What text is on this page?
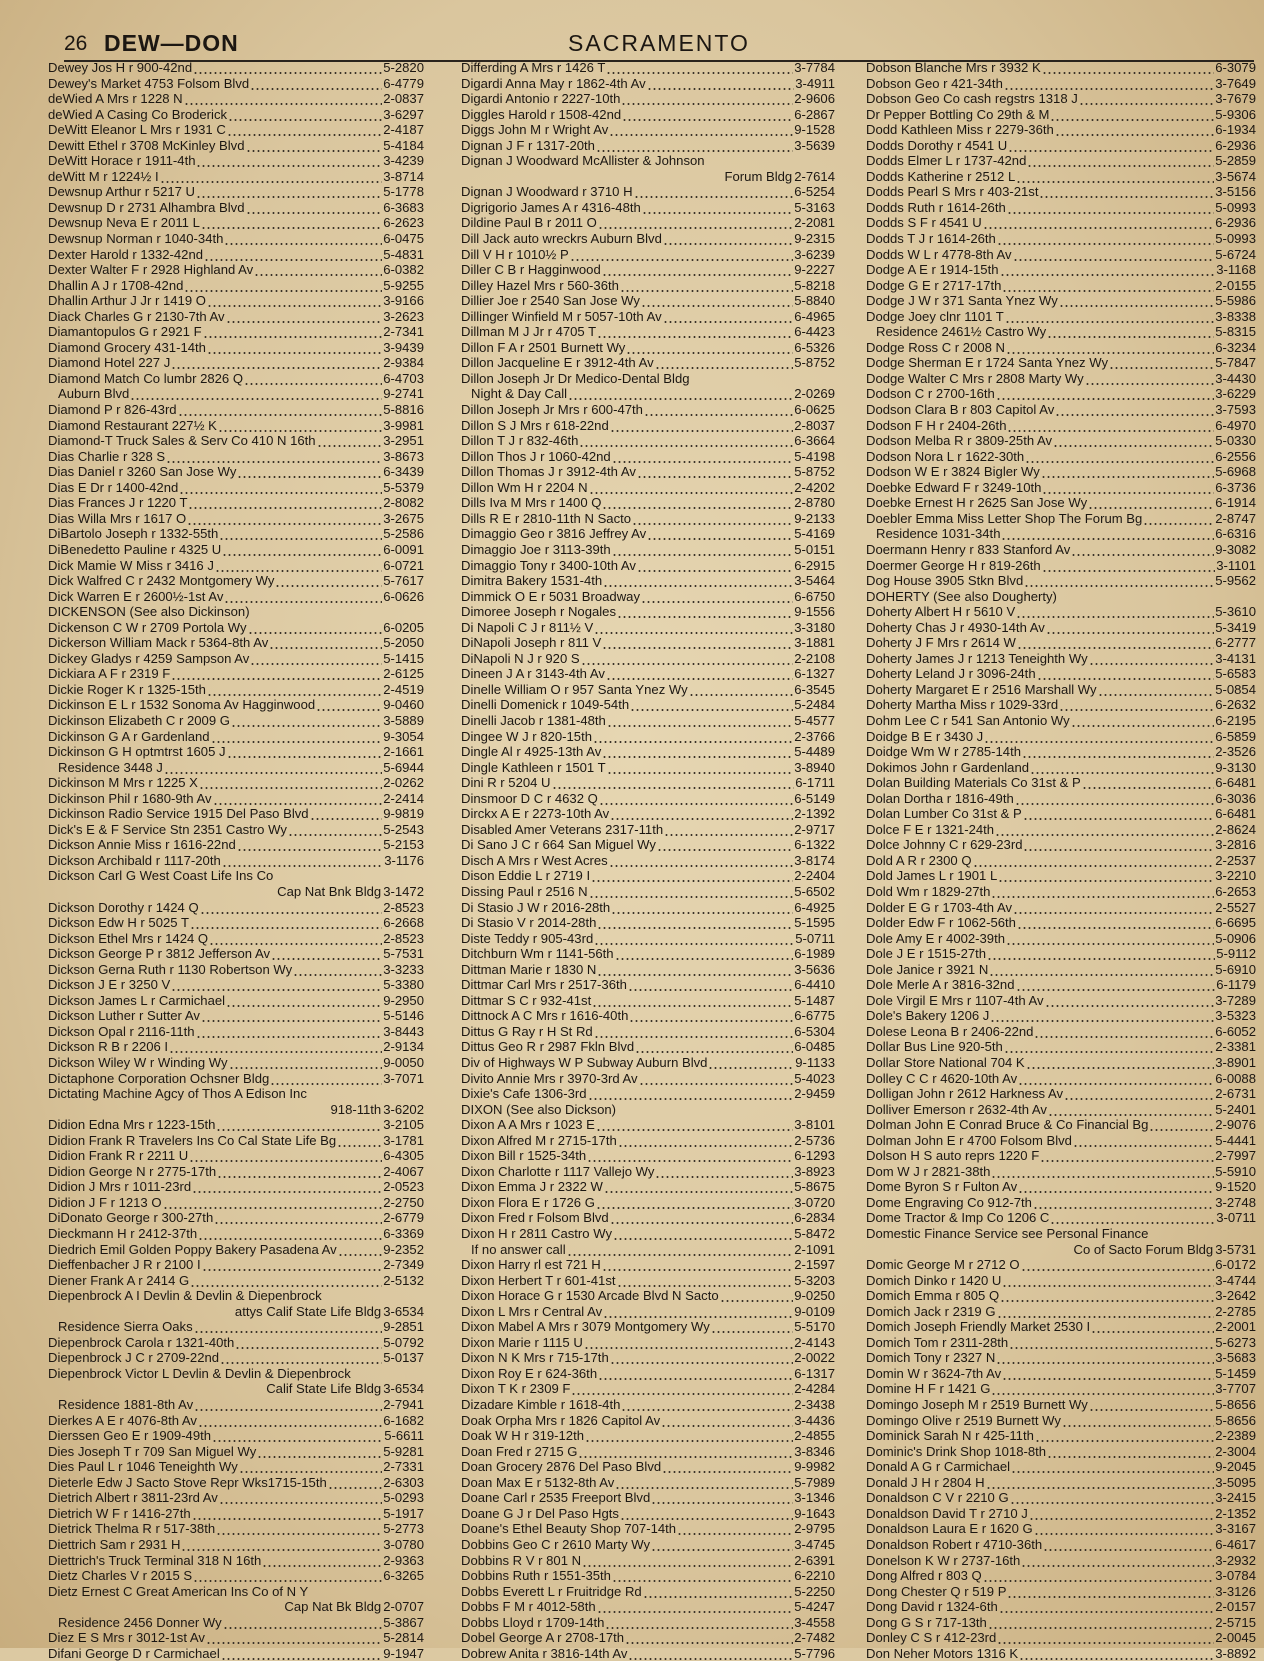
26 DEW—DON	SACRAMENTO
Dewey Jos H r 900-42nd	5-2820
Dewey's Market 4753 Folsom Blvd	6-4779
deWied A Mrs r 1228 N	2-0837
deWied A Casing Co Broderick	3-6297
DeWitt Eleanor L Mrs r 1931 C	2-4187
Dewitt Ethel r 3708 McKinley Blvd	5-4184
DeWitt Horace r 1911-4th	3-4239
deWitt M r 1224½ I	3-8714
Dewsnup Arthur r 5217 U	5-1778
Dewsnup D r 2731 Alhambra Blvd	6-3683
Dewsnup Neva E r 2011 L	6-2623
Dewsnup Norman r 1040-34th	6-0475
Dexter Harold r 1332-42nd	5-4831
Dexter Walter F r 2928 Highland Av	6-0382
Dhallin A J r 1708-42nd	5-9255
Dhallin Arthur J Jr r 1419 O	3-9166
Diack Charles G r 2130-7th Av	3-2623
Diamantopulos G r 2921 F	2-7341
Diamond Grocery 431-14th	3-9439
Diamond Hotel 227 J	2-9384
Diamond Match Co lumbr 2826 Q	6-4703
Auburn Blvd	9-2741
Diamond P r 826-43rd	5-8816
Diamond Restaurant 227½ K	3-9981
Diamond-T Truck Sales & Serv Co 410 N 16th	3-2951
Dias Charlie r 328 S	3-8673
Dias Daniel r 3260 San Jose Wy	6-3439
Dias E Dr r 1400-42nd	5-5379
Dias Frances J r 1220 T	2-8082
Dias Willa Mrs r 1617 O	3-2675
DiBartolo Joseph r 1332-55th	5-2586
DiBenedetto Pauline r 4325 U	6-0091
Dick Mamie W Miss r 3416 J	6-0721
Dick Walfred C r 2432 Montgomery Wy	5-7617
Dick Warren E r 2600½-1st Av	6-0626
DICKENSON (See also Dickinson)
Dickenson C W r 2709 Portola Wy	6-0205
Dickerson William Mack r 5364-8th Av	5-2050
Dickey Gladys r 4259 Sampson Av	5-1415
Dickiara A F r 2319 F	2-6125
Dickie Roger K r 1325-15th	2-4519
Dickinson E L r 1532 Sonoma Av Hagginwood	9-0460
Dickinson Elizabeth C r 2009 G	3-5889
Dickinson G A r Gardenland	9-3054
Dickinson G H optmtrst 1605 J	2-1661
Residence 3448 J	5-6944
Dickinson M Mrs r 1225 X	2-0262
Dickinson Phil r 1680-9th Av	2-2414
Dickinson Radio Service 1915 Del Paso Blvd	9-9819
Dick's E & F Service Stn 2351 Castro Wy	5-2543
Dickson Annie Miss r 1616-22nd	5-2153
Dickson Archibald r 1117-20th	3-1176
Dickson Carl G West Coast Life Ins Co
Cap Nat Bnk Bldg 3-1472
Dickson Dorothy r 1424 Q	2-8523
Dickson Edw H r 5025 T	6-2668
Dickson Ethel Mrs r 1424 Q	2-8523
Dickson George P r 3812 Jefferson Av	5-7531
Dickson Gerna Ruth r 1130 Robertson Wy	3-3233
Dickson J E r 3250 V	5-3380
Dickson James L r Carmichael	9-2950
Dickson Luther r Sutter Av	5-5146
Dickson Opal r 2116-11th	3-8443
Dickson R B r 2206 I	2-9134
Dickson Wiley W r Winding Wy	9-0050
Dictaphone Corporation Ochsner Bldg	3-7071
Dictating Machine Agcy of Thos A Edison Inc
918-11th 3-6202
Didion Edna Mrs r 1223-15th	3-2105
Didion Frank R Travelers Ins Co Cal State Life Bg	3-1781
Didion Frank R r 2211 U	6-4305
Didion George N r 2775-17th	2-4067
Didion J Mrs r 1011-23rd	2-0523
Didion J F r 1213 O	2-2750
DiDonato George r 300-27th	2-6779
Dieckmann H r 2412-37th	6-3369
Diedrich Emil Golden Poppy Bakery Pasadena Av	9-2352
Dieffenbacher J R r 2100 I	2-7349
Diener Frank A r 2414 G	2-5132
Diepenbrock A I Devlin & Devlin & Diepenbrock
attys Calif State Life Bldg 3-6534
Residence Sierra Oaks	9-2851
Diepenbrock Carola r 1321-40th	5-0792
Diepenbrock J C r 2709-22nd	5-0137
Diepenbrock Victor L Devlin & Devlin & Diepenbrock
Calif State Life Bldg 3-6534
Residence 1881-8th Av	2-7941
Dierkes A E r 4076-8th Av	6-1682
Dierssen Geo E r 1909-49th	5-6611
Dies Joseph T r 709 San Miguel Wy	5-9281
Dies Paul L r 1046 Teneighth Wy	2-7331
Dieterle Edw J Sacto Stove Repr Wks1715-15th	2-6303
Dietrich Albert r 3811-23rd Av	5-0293
Dietrich W F r 1416-27th	5-1917
Dietrick Thelma R r 517-38th	5-2773
Diettrich Sam r 2931 H	3-0780
Diettrich's Truck Terminal 318 N 16th	2-9363
Dietz Charles V r 2015 S	6-3265
Dietz Ernest C Great American Ins Co of N Y
Cap Nat Bk Bldg 2-0707
Residence 2456 Donner Wy	5-3867
Diez E S Mrs r 3012-1st Av	5-2814
Difani George D r Carmichael	9-1947
Differding A Mrs r 1426 T	3-7784
Digardi Anna May r 1862-4th Av	3-4911
Digardi Antonio r 2227-10th	2-9606
Diggles Harold r 1508-42nd	6-2867
Diggs John M r Wright Av	9-1528
Dignan J F r 1317-20th	3-5639
Dignan J Woodward McAllister & Johnson
Forum Bldg 2-7614
Dignan J Woodward r 3710 H	6-5254
Digrigorio James A r 4316-48th	5-3163
Dildine Paul B r 2011 O	2-2081
Dill Jack auto wreckrs Auburn Blvd	9-2315
Dill V H r 1010½ P	3-6239
Diller C B r Hagginwood	9-2227
Dilley Hazel Mrs r 560-36th	5-8218
Dillier Joe r 2540 San Jose Wy	5-8840
Dillinger Winfield M r 5057-10th Av	6-4965
Dillman M J Jr r 4705 T	6-4423
Dillon F A r 2501 Burnett Wy	6-5326
Dillon Jacqueline E r 3912-4th Av	5-8752
Dillon Joseph Jr Dr Medico-Dental Bldg
Night & Day Call	2-0269
Dillon Joseph Jr Mrs r 600-47th	6-0625
Dillon S J Mrs r 618-22nd	2-8037
Dillon T J r 832-46th	6-3664
Dillon Thos J r 1060-42nd	5-4198
Dillon Thomas J r 3912-4th Av	5-8752
Dillon Wm H r 2204 N	2-4202
Dills Iva M Mrs r 1400 Q	2-8780
Dills R E r 2810-11th N Sacto	9-2133
Dimaggio Geo r 3816 Jeffrey Av	5-4169
Dimaggio Joe r 3113-39th	5-0151
Dimaggio Tony r 3400-10th Av	6-2915
Dimitra Bakery 1531-4th	3-5464
Dimmick O E r 5031 Broadway	6-6750
Dimoree Joseph r Nogales	9-1556
Di Napoli C J r 811½ V	3-3180
DiNapoli Joseph r 811 V	3-1881
DiNapoli N J r 920 S	2-2108
Dineen J A r 3143-4th Av	6-1327
Dinelle William O r 957 Santa Ynez Wy	6-3545
Dinelli Domenick r 1049-54th	5-2484
Dinelli Jacob r 1381-48th	5-4577
Dingee W J r 820-15th	2-3766
Dingle Al r 4925-13th Av	5-4489
Dingle Kathleen r 1501 T	3-8940
Dini R r 5204 U	6-1711
Dinsmoor D C r 4632 Q	6-5149
Dirckx A E r 2273-10th Av	2-1392
Disabled Amer Veterans 2317-11th	2-9717
Di Sano J C r 664 San Miguel Wy	6-1322
Disch A Mrs r West Acres	3-8174
Dison Eddie L r 2719 I	2-2404
Dissing Paul r 2516 N	5-6502
Di Stasio J W r 2016-28th	6-4925
Di Stasio V r 2014-28th	5-1595
Diste Teddy r 905-43rd	5-0711
Ditchburn Wm r 1141-56th	6-1989
Dittman Marie r 1830 N	3-5636
Dittmar Carl Mrs r 2517-36th	6-4410
Dittmar S C r 932-41st	5-1487
Dittnock A C Mrs r 1616-40th	6-6775
Dittus G Ray r H St Rd	6-5304
Dittus Geo R r 2987 Fkln Blvd	6-0485
Div of Highways W P Subway Auburn Blvd	9-1133
Divito Annie Mrs r 3970-3rd Av	5-4023
Dixie's Cafe 1306-3rd	2-9459
DIXON (See also Dickson)
Dixon A A Mrs r 1023 E	3-8101
Dixon Alfred M r 2715-17th	2-5736
Dixon Bill r 1525-34th	6-1293
Dixon Charlotte r 1117 Vallejo Wy	3-8923
Dixon Emma J r 2322 W	5-8675
Dixon Flora E r 1726 G	3-0720
Dixon Fred r Folsom Blvd	6-2834
Dixon H r 2811 Castro Wy	5-8472
If no answer call	2-1091
Dixon Harry rl est 721 H	2-1597
Dixon Herbert T r 601-41st	5-3203
Dixon Horace G r 1530 Arcade Blvd N Sacto	9-0250
Dixon L Mrs r Central Av	9-0109
Dixon Mabel A Mrs r 3079 Montgomery Wy	5-5170
Dixon Marie r 1115 U	2-4143
Dixon N K Mrs r 715-17th	2-0022
Dixon Roy E r 624-36th	6-1317
Dixon T K r 2309 F	2-4284
Dizadare Kimble r 1618-4th	2-3438
Doak Orpha Mrs r 1826 Capitol Av	3-4436
Doak W H r 319-12th	2-4855
Doan Fred r 2715 G	3-8346
Doan Grocery 2876 Del Paso Blvd	9-9982
Doan Max E r 5132-8th Av	5-7989
Doane Carl r 2535 Freeport Blvd	3-1346
Doane G J r Del Paso Hgts	9-1643
Doane's Ethel Beauty Shop 707-14th	2-9795
Dobbins Geo C r 2610 Marty Wy	3-4745
Dobbins R V r 801 N	2-6391
Dobbins Ruth r 1551-35th	6-2210
Dobbs Everett L r Fruitridge Rd	5-2250
Dobbs F M r 4012-58th	5-4247
Dobbs Lloyd r 1709-14th	3-4558
Dobel George A r 2708-17th	2-7482
Dobrew Anita r 3816-14th Av	5-7796
Dobson Blanche Mrs r 3932 K	6-3079
Dobson Geo r 421-34th	3-7649
Dobson Geo Co cash regstrs 1318 J	3-7679
Dr Pepper Bottling Co 29th & M	5-9306
Dodd Kathleen Miss r 2279-36th	6-1934
Dodds Dorothy r 4541 U	6-2936
Dodds Elmer L r 1737-42nd	5-2859
Dodds Katherine r 2512 L	3-5674
Dodds Pearl S Mrs r 403-21st	3-5156
Dodds Ruth r 1614-26th	5-0993
Dodds S F r 4541 U	6-2936
Dodds T J r 1614-26th	5-0993
Dodds W L r 4778-8th Av	5-6724
Dodge A E r 1914-15th	3-1168
Dodge G E r 2717-17th	2-0155
Dodge J W r 371 Santa Ynez Wy	5-5986
Dodge Joey clnr 1101 T	3-8338
Residence 2461½ Castro Wy	5-8315
Dodge Ross C r 2008 N	6-3234
Dodge Sherman E r 1724 Santa Ynez Wy	5-7847
Dodge Walter C Mrs r 2808 Marty Wy	3-4430
Dodson C r 2700-16th	3-6229
Dodson Clara B r 803 Capitol Av	3-7593
Dodson F H r 2404-26th	6-4970
Dodson Melba R r 3809-25th Av	5-0330
Dodson Nora L r 1622-30th	6-2556
Dodson W E r 3824 Bigler Wy	5-6968
Doebke Edward F r 3249-10th	6-3736
Doebke Ernest H r 2625 San Jose Wy	6-1914
Doebler Emma Miss Letter Shop The Forum Bg	2-8747
Residence 1031-34th	6-6316
Doermann Henry r 833 Stanford Av	9-3082
Doermer George H r 819-26th	3-1101
Dog House 3905 Stkn Blvd	5-9562
DOHERTY (See also Dougherty)
Doherty Albert H r 5610 V	5-3610
Doherty Chas J r 4930-14th Av	5-3419
Doherty J F Mrs r 2614 W	6-2777
Doherty James J r 1213 Teneighth Wy	3-4131
Doherty Leland J r 3096-24th	5-6583
Doherty Margaret E r 2516 Marshall Wy	5-0854
Doherty Martha Miss r 1029-33rd	6-2632
Dohm Lee C r 541 San Antonio Wy	6-2195
Doidge B E r 3430 J	6-5859
Doidge Wm W r 2785-14th	2-3526
Dokimos John r Gardenland	9-3130
Dolan Building Materials Co 31st & P	6-6481
Dolan Dortha r 1816-49th	6-3036
Dolan Lumber Co 31st & P	6-6481
Dolce F E r 1321-24th	2-8624
Dolce Johnny C r 629-23rd	3-2816
Dold A R r 2300 Q	2-2537
Dold James L r 1901 L	3-2210
Dold Wm r 1829-27th	6-2653
Dolder E G r 1703-4th Av	2-5527
Dolder Edw F r 1062-56th	6-6695
Dole Amy E r 4002-39th	5-0906
Dole J E r 1515-27th	5-9112
Dole Janice r 3921 N	5-6910
Dole Merle A r 3816-32nd	6-1179
Dole Virgil E Mrs r 1107-4th Av	3-7289
Dole's Bakery 1206 J	3-5323
Dolese Leona B r 2406-22nd	6-6052
Dollar Bus Line 920-5th	2-3381
Dollar Store National 704 K	3-8901
Dolley C C r 4620-10th Av	6-0088
Dolligan John r 2612 Harkness Av	2-6731
Dolliver Emerson r 2632-4th Av	5-2401
Dolman John E Conrad Bruce & Co Financial Bg	2-9076
Dolman John E r 4700 Folsom Blvd	5-4441
Dolson H S auto reprs 1220 F	2-7997
Dom W J r 2821-38th	5-5910
Dome Byron S r Fulton Av	9-1520
Dome Engraving Co 912-7th	3-2748
Dome Tractor & Imp Co 1206 C	3-0711
Domestic Finance Service see Personal Finance
Co of Sacto Forum Bldg 3-5731
Domic George M r 2712 O	6-0172
Domich Dinko r 1420 U	3-4744
Domich Emma r 805 Q	3-2642
Domich Jack r 2319 G	2-2785
Domich Joseph Friendly Market 2530 I	2-2001
Domich Tom r 2311-28th	5-6273
Domich Tony r 2327 N	3-5683
Domin W r 3624-7th Av	5-1459
Domine H F r 1421 G	3-7707
Domingo Joseph M r 2519 Burnett Wy	5-8656
Domingo Olive r 2519 Burnett Wy	5-8656
Dominick Sarah N r 425-11th	2-2389
Dominic's Drink Shop 1018-8th	2-3004
Donald A G r Carmichael	9-2045
Donald J H r 2804 H	3-5095
Donaldson C V r 2210 G	3-2415
Donaldson David T r 2710 J	2-1352
Donaldson Laura E r 1620 G	3-3167
Donaldson Robert r 4710-36th	6-4617
Donelson K W r 2737-16th	3-2932
Dong Alfred r 803 Q	3-0784
Dong Chester Q r 519 P	3-3126
Dong David r 1324-6th	2-0157
Dong G S r 717-13th	2-5715
Donley C S r 412-23rd	2-0045
Don Neher Motors 1316 K	3-8892
